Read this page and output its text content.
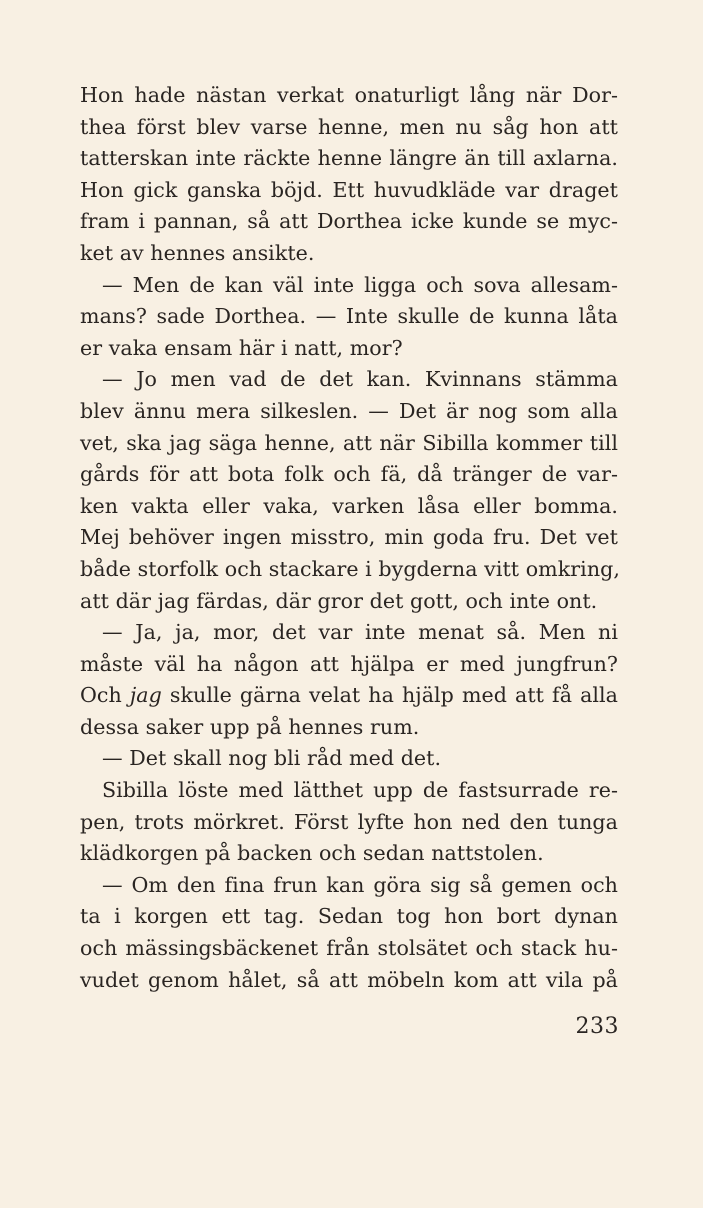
Hon hade nästan verkat onaturligt lång när Dor-
thea först blev varse henne, men nu såg hon att
tatterskan inte räckte henne längre än till axlarna.
Hon gick ganska böjd. Ett huvudkläde var draget
fram i pannan, så att Dorthea icke kunde se myc-
ket av hennes ansikte.
— Men de kan väl inte ligga och sova allesam-
mans? sade Dorthea. — Inte skulle de kunna låta
er vaka ensam här i natt, mor?
— Jo men vad de det kan. Kvinnans stämma
blev ännu mera silkeslen. — Det är nog som alla
vet, ska jag säga henne, att när Sibilla kommer till
gårds för att bota folk och fä, då tränger de var-
ken vakta eller vaka, varken låsa eller bomma.
Mej behöver ingen misstro, min goda fru. Det vet
både storfolk och stackare i bygderna vitt omkring,
att där jag färdas, där gror det gott, och inte ont.
— Ja, ja, mor, det var inte menat så. Men ni
måste väl ha någon att hjälpa er med jungfrun?
Och jag skulle gärna velat ha hjälp med att få alla
dessa saker upp på hennes rum.
— Det skall nog bli råd med det.
Sibilla löste med lätthet upp de fastsurrade re-
pen, trots mörkret. Först lyfte hon ned den tunga
klädkorgen på backen och sedan nattstolen.
— Om den fina frun kan göra sig så gemen och
ta i korgen ett tag. Sedan tog hon bort dynan
och mässingsbäckenet från stolsätet och stack hu-
vudet genom hålet, så att möbeln kom att vila på
233
